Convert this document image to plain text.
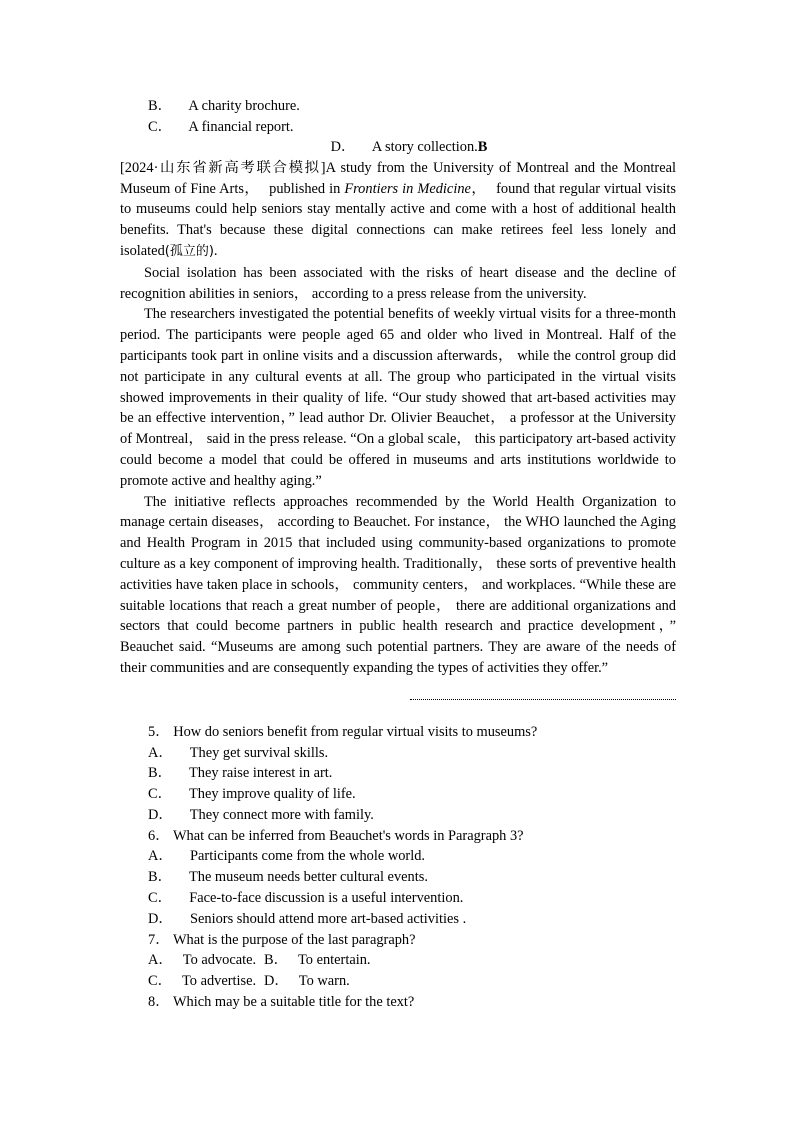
B． A charity brochure.

C． A financial report.

D． A story collection.B

[2024·山东省新高考联合模拟]A study from the University of Montreal and the Montreal Museum of Fine Arts， published in Frontiers in Medicine， found that regular virtual visits to museums could help seniors stay mentally active and come with a host of additional health benefits. That's because these digital connections can make retirees feel less lonely and isolated(孤立的).

Social isolation has been associated with the risks of heart disease and the decline of recognition abilities in seniors， according to a press release from the university.

The researchers investigated the potential benefits of weekly virtual visits for a three-month period. The participants were people aged 65 and older who lived in Montreal. Half of the participants took part in online visits and a discussion afterwards， while the control group did not participate in any cultural events at all. The group who participated in the virtual visits showed improvements in their quality of life. “Our study showed that art-based activities may be an effective intervention，” lead author Dr. Olivier Beauchet， a professor at the University of Montreal， said in the press release. “On a global scale， this participatory art-based activity could become a model that could be offered in museums and arts institutions worldwide to promote active and healthy aging.”

The initiative reflects approaches recommended by the World Health Organization to manage certain diseases， according to Beauchet. For instance， the WHO launched the Aging and Health Program in 2015 that included using community-based organizations to promote culture as a key component of improving health. Traditionally， these sorts of preventive health activities have taken place in schools， community centers， and workplaces. “While these are suitable locations that reach a great number of people， there are additional organizations and sectors that could become partners in public health research and practice development，” Beauchet said. “Museums are among such potential partners. They are aware of the needs of their communities and are consequently expanding the types of activities they offer.”

5． How do seniors benefit from regular virtual visits to museums?

A． They get survival skills.

B． They raise interest in art.

C． They improve quality of life.

D． They connect more with family.

6． What can be inferred from Beauchet's words in Paragraph 3?

A． Participants come from the whole world.

B． The museum needs better cultural events.

C． Face-to-face discussion is a useful intervention.

D． Seniors should attend more art-based activities .

7． What is the purpose of the last paragraph?

A． To advocate. B． To entertain.

C． To advertise. D． To warn.

8． Which may be a suitable title for the text?
